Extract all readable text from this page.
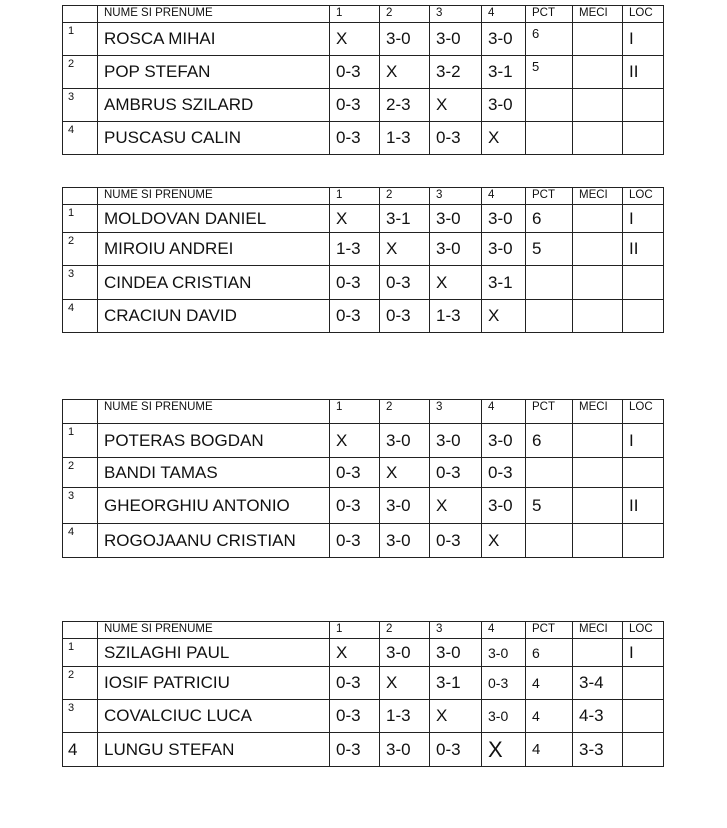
	NUME SI PRENUME	1	2	3	4	PCT	MECI	LOC
1	ROSCA MIHAI	X	3-0	3-0	3-0	6		I
2	POP STEFAN	0-3	X	3-2	3-1	5		II
3	AMBRUS SZILARD	0-3	2-3	X	3-0			
4	PUSCASU CALIN	0-3	1-3	0-3	X			
	NUME SI PRENUME	1	2	3	4	PCT	MECI	LOC
1	MOLDOVAN DANIEL	X	3-1	3-0	3-0	6		I
2	MIROIU ANDREI	1-3	X	3-0	3-0	5		II
3	CINDEA CRISTIAN	0-3	0-3	X	3-1			
4	CRACIUN DAVID	0-3	0-3	1-3	X			
	NUME SI PRENUME	1	2	3	4	PCT	MECI	LOC
1	POTERAS BOGDAN	X	3-0	3-0	3-0	6		I
2	BANDI TAMAS	0-3	X	0-3	0-3			
3	GHEORGHIU ANTONIO	0-3	3-0	X	3-0	5		II
4	ROGOJAANU CRISTIAN	0-3	3-0	0-3	X			
	NUME SI PRENUME	1	2	3	4	PCT	MECI	LOC
1	SZILAGHI PAUL	X	3-0	3-0	3-0	6		I
2	IOSIF PATRICIU	0-3	X	3-1	0-3	4	3-4	
3	COVALCIUC LUCA	0-3	1-3	X	3-0	4	4-3	
4	LUNGU STEFAN	0-3	3-0	0-3	X	4	3-3	
